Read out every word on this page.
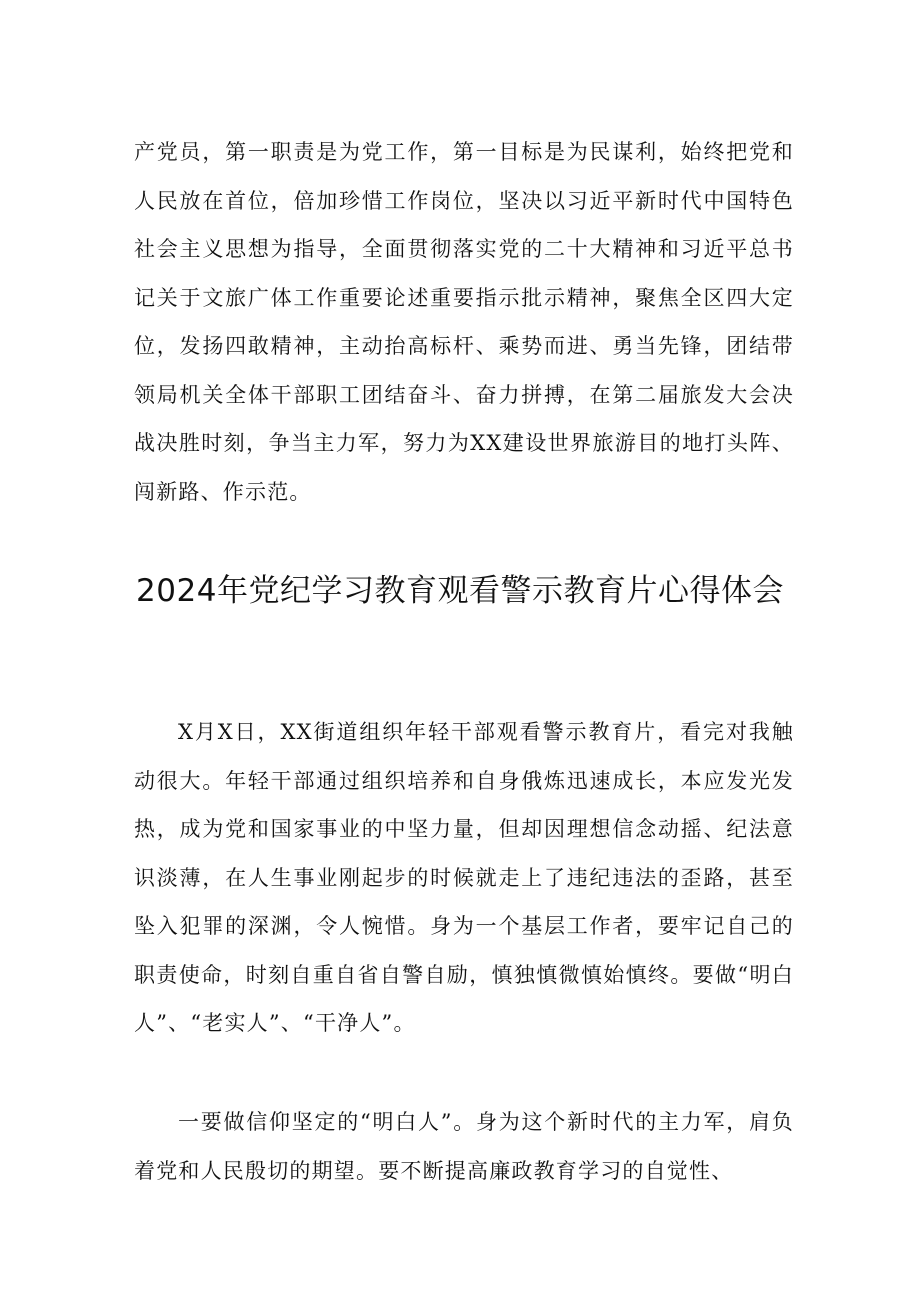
产党员，第一职责是为党工作，第一目标是为民谋利，始终把党和人民放在首位，倍加珍惜工作岗位，坚决以习近平新时代中国特色社会主义思想为指导，全面贯彻落实党的二十大精神和习近平总书记关于文旅广体工作重要论述重要指示批示精神，聚焦全区四大定位，发扬四敢精神，主动抬高标杆、乘势而进、勇当先锋，团结带领局机关全体干部职工团结奋斗、奋力拼搏，在第二届旅发大会决战决胜时刻，争当主力军，努力为XX建设世界旅游目的地打头阵、闯新路、作示范。

2024年党纪学习教育观看警示教育片心得体会

X月X日，XX街道组织年轻干部观看警示教育片，看完对我触动很大。年轻干部通过组织培养和自身俄炼迅速成长，本应发光发热，成为党和国家事业的中坚力量，但却因理想信念动摇、纪法意识淡薄，在人生事业刚起步的时候就走上了违纪违法的歪路，甚至坠入犯罪的深渊，令人惋惜。身为一个基层工作者，要牢记自己的职责使命，时刻自重自省自警自励，慎独慎微慎始慎终。要做“明白人”、“老实人”、“干净人”。

一要做信仰坚定的“明白人”。身为这个新时代的主力军，肩负着党和人民殷切的期望。要不断提高廉政教育学习的自觉性、
